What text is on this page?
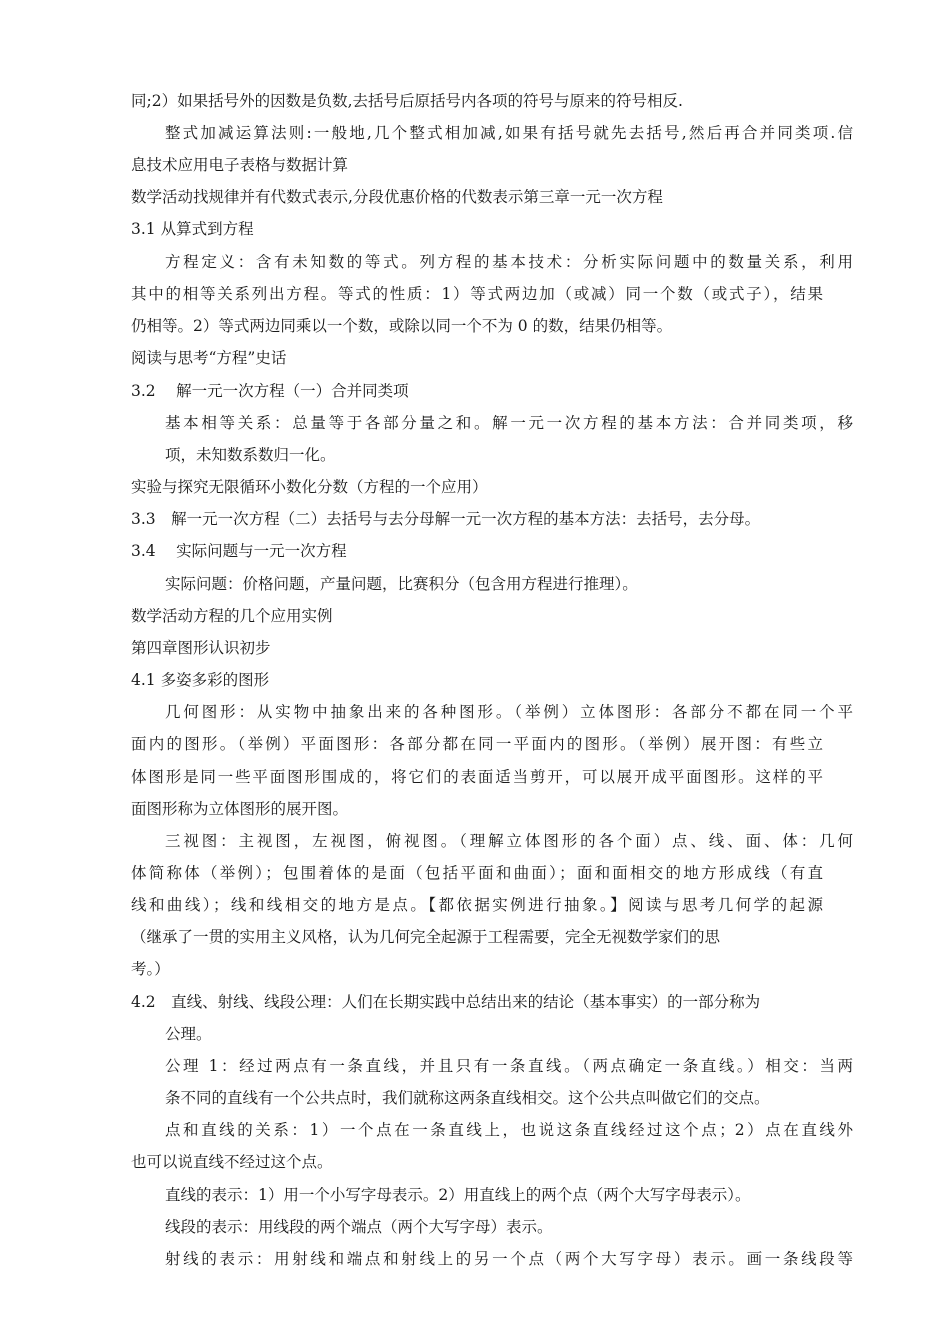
同;2）如果括号外的因数是负数,去括号后原括号内各项的符号与原来的符号相反.
整式加减运算法则:一般地,几个整式相加减,如果有括号就先去括号,然后再合并同类项.信
息技术应用电子表格与数据计算
数学活动找规律并有代数式表示,分段优惠价格的代数表示第三章一元一次方程
3.1 从算式到方程
方程定义：含有未知数的等式。列方程的基本技术：分析实际问题中的数量关系，利用
其中的相等关系列出方程。等式的性质：1）等式两边加（或减）同一个数（或式子），结果
仍相等。2）等式两边同乘以一个数，或除以同一个不为 0 的数，结果仍相等。
阅读与思考“方程”史话
3.2　 解一元一次方程（一）合并同类项
基本相等关系：总量等于各部分量之和。解一元一次方程的基本方法：合并同类项，移
项，未知数系数归一化。
实验与探究无限循环小数化分数（方程的一个应用）
3.3　解一元一次方程（二）去括号与去分母解一元一次方程的基本方法：去括号，去分母。
3.4　 实际问题与一元一次方程
实际问题：价格问题，产量问题，比赛积分（包含用方程进行推理）。
数学活动方程的几个应用实例
第四章图形认识初步
4.1 多姿多彩的图形
几何图形：从实物中抽象出来的各种图形。（举例）立体图形：各部分不都在同一个平
面内的图形。（举例）平面图形：各部分都在同一平面内的图形。（举例）展开图：有些立
体图形是同一些平面图形围成的，将它们的表面适当剪开，可以展开成平面图形。这样的平
面图形称为立体图形的展开图。
三视图：主视图，左视图，俯视图。（理解立体图形的各个面）点、线、面、体：几何
体简称体（举例）；包围着体的是面（包括平面和曲面）；面和面相交的地方形成线（有直
线和曲线）；线和线相交的地方是点。【都依据实例进行抽象。】阅读与思考几何学的起源
（继承了一贯的实用主义风格，认为几何完全起源于工程需要，完全无视数学家们的思
考。）
4.2　直线、射线、线段公理：人们在长期实践中总结出来的结论（基本事实）的一部分称为
公理。
公理 1：经过两点有一条直线，并且只有一条直线。（两点确定一条直线。）相交：当两
条不同的直线有一个公共点时，我们就称这两条直线相交。这个公共点叫做它们的交点。
点和直线的关系：1）一个点在一条直线上，也说这条直线经过这个点；2）点在直线外
也可以说直线不经过这个点。
直线的表示：1）用一个小写字母表示。2）用直线上的两个点（两个大写字母表示）。
线段的表示：用线段的两个端点（两个大写字母）表示。
射线的表示：用射线和端点和射线上的另一个点（两个大写字母）表示。画一条线段等
